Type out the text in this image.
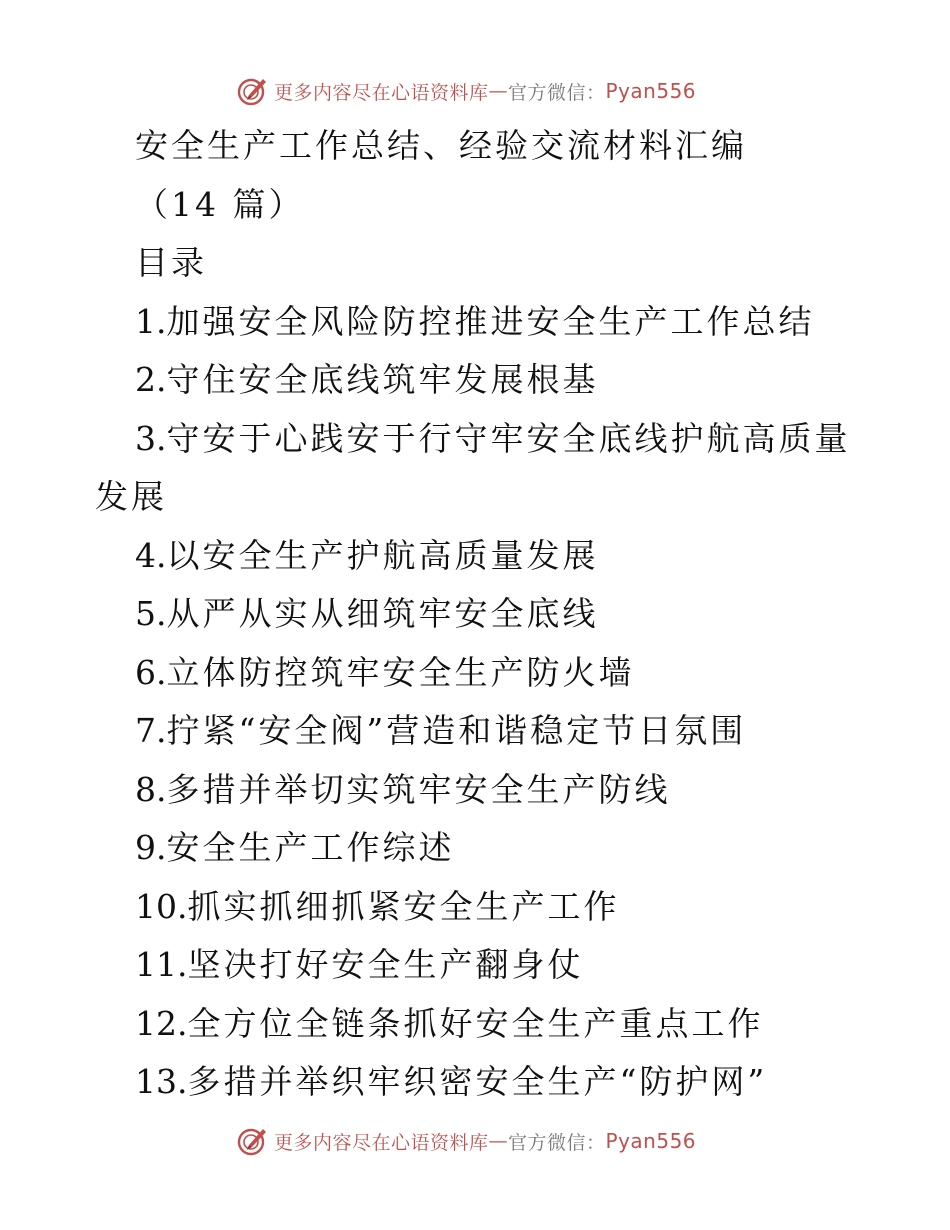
更多内容尽在心语资料库 — 官方微信： Pyan556
安全生产工作总结、经验交流材料汇编
（14 篇）
目录
1.加强安全风险防控推进安全生产工作总结
2.守住安全底线筑牢发展根基
3.守安于心践安于行守牢安全底线护航高质量发展
4.以安全生产护航高质量发展
5.从严从实从细筑牢安全底线
6.立体防控筑牢安全生产防火墙
7.拧紧“安全阀”营造和谐稳定节日氛围
8.多措并举切实筑牢安全生产防线
9.安全生产工作综述
10.抓实抓细抓紧安全生产工作
11.坚决打好安全生产翻身仗
12.全方位全链条抓好安全生产重点工作
13.多措并举织牢织密安全生产“防护网”
更多内容尽在心语资料库 — 官方微信： Pyan556
